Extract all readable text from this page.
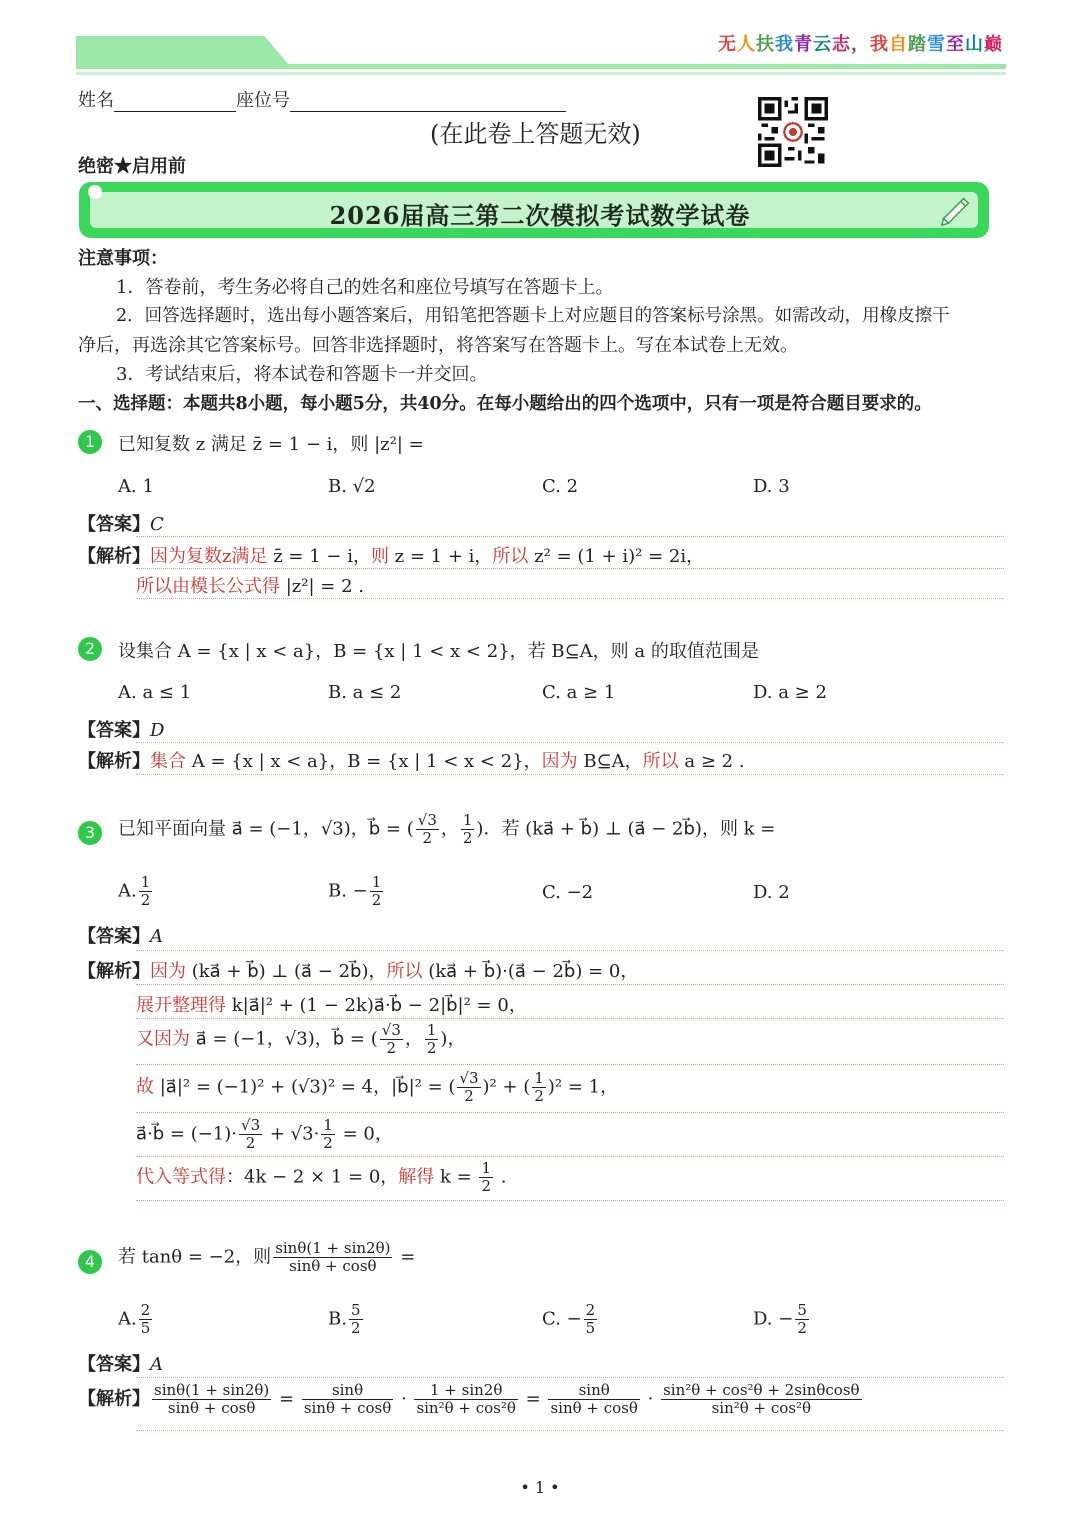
无人扶我青云志，我自踏雪至山巅
姓名	座位号
(在此卷上答题无效)
绝密★启用前
2026届高三第二次模拟考试数学试卷
注意事项：
1．答卷前，考生务必将自己的姓名和座位号填写在答题卡上。
2．回答选择题时，选出每小题答案后，用铅笔把答题卡上对应题目的答案标号涂黑。如需改动，用橡皮擦干
净后，再选涂其它答案标号。回答非选择题时，将答案写在答题卡上。写在本试卷上无效。
3．考试结束后，将本试卷和答题卡一并交回。
一、选择题：本题共8小题，每小题5分，共40分。在每小题给出的四个选项中，只有一项是符合题目要求的。
1	已知复数 z 满足 z̄ = 1 − i，则 |z²| =
A. 1	B. √2	C. 2	D. 3
【答案】C
【解析】因为复数z满足 z̄ = 1 − i，则 z = 1 + i，所以 z² = (1 + i)² = 2i，
所以由模长公式得 |z²| = 2 .
2	设集合 A = {x | x < a}，B = {x | 1 < x < 2}，若 B⊆A，则 a 的取值范围是
A. a ≤ 1	B. a ≤ 2	C. a ≥ 1	D. a ≥ 2
【答案】D
【解析】集合 A = {x | x < a}，B = {x | 1 < x < 2}，因为 B⊆A，所以 a ≥ 2 .
3	已知平面向量 a⃗ = (−1，√3)，b⃗ = ( $\frac{√3}{2}$ ， $\frac{1}{2}$ )．若 (ka⃗ + b⃗) ⊥ (a⃗ − 2b⃗)，则 k =
A. $\frac{1}{2}$	B. − $\frac{1}{2}$	C. −2	D. 2
【答案】A
【解析】因为 (ka⃗ + b⃗) ⊥ (a⃗ − 2b⃗)，所以 (ka⃗ + b⃗)·(a⃗ − 2b⃗) = 0，
展开整理得 k|a⃗|² + (1 − 2k)a⃗·b⃗ − 2|b⃗|² = 0，
又因为 a⃗ = (−1，√3)，b⃗ = ( $\frac{√3}{2}$ ， $\frac{1}{2}$ )，
故 |a⃗|² = (−1)² + (√3)² = 4，|b⃗|² = ( $\frac{√3}{2} )^2$ + ( $\frac{1}{2} )^2 = 1$，
a⃗·b⃗ = $(-1)\cdot \frac{√3}{2} + √3\cdot \frac{1}{2} = 0$，
代入等式得：4k − 2 × 1 = 0，解得 $k = \frac{1}{2}$ .
4	若 tanθ = −2，则 $\frac{\sin\theta(1 + \sin 2\theta)}{\sin\theta + \cos\theta}$ =
A. $\frac{2}{5}$	B. $\frac{5}{2}$	C. − $\frac{2}{5}$	D. − $\frac{5}{2}$
【答案】A
【解析】 $\frac{\sin\theta(1 + \sin 2\theta)}{\sin\theta + \cos\theta} = \frac{\sin\theta}{\sin\theta + \cos\theta} \cdot \frac{1 + \sin 2\theta}{\text{sin²θ + cos²θ}} = \frac{\sin\theta}{\sin\theta + \cos\theta} \cdot \frac{\text{sin²θ + cos²θ + 2sinθcosθ}}{\text{sin²θ + cos²θ}}$
• 1 •
